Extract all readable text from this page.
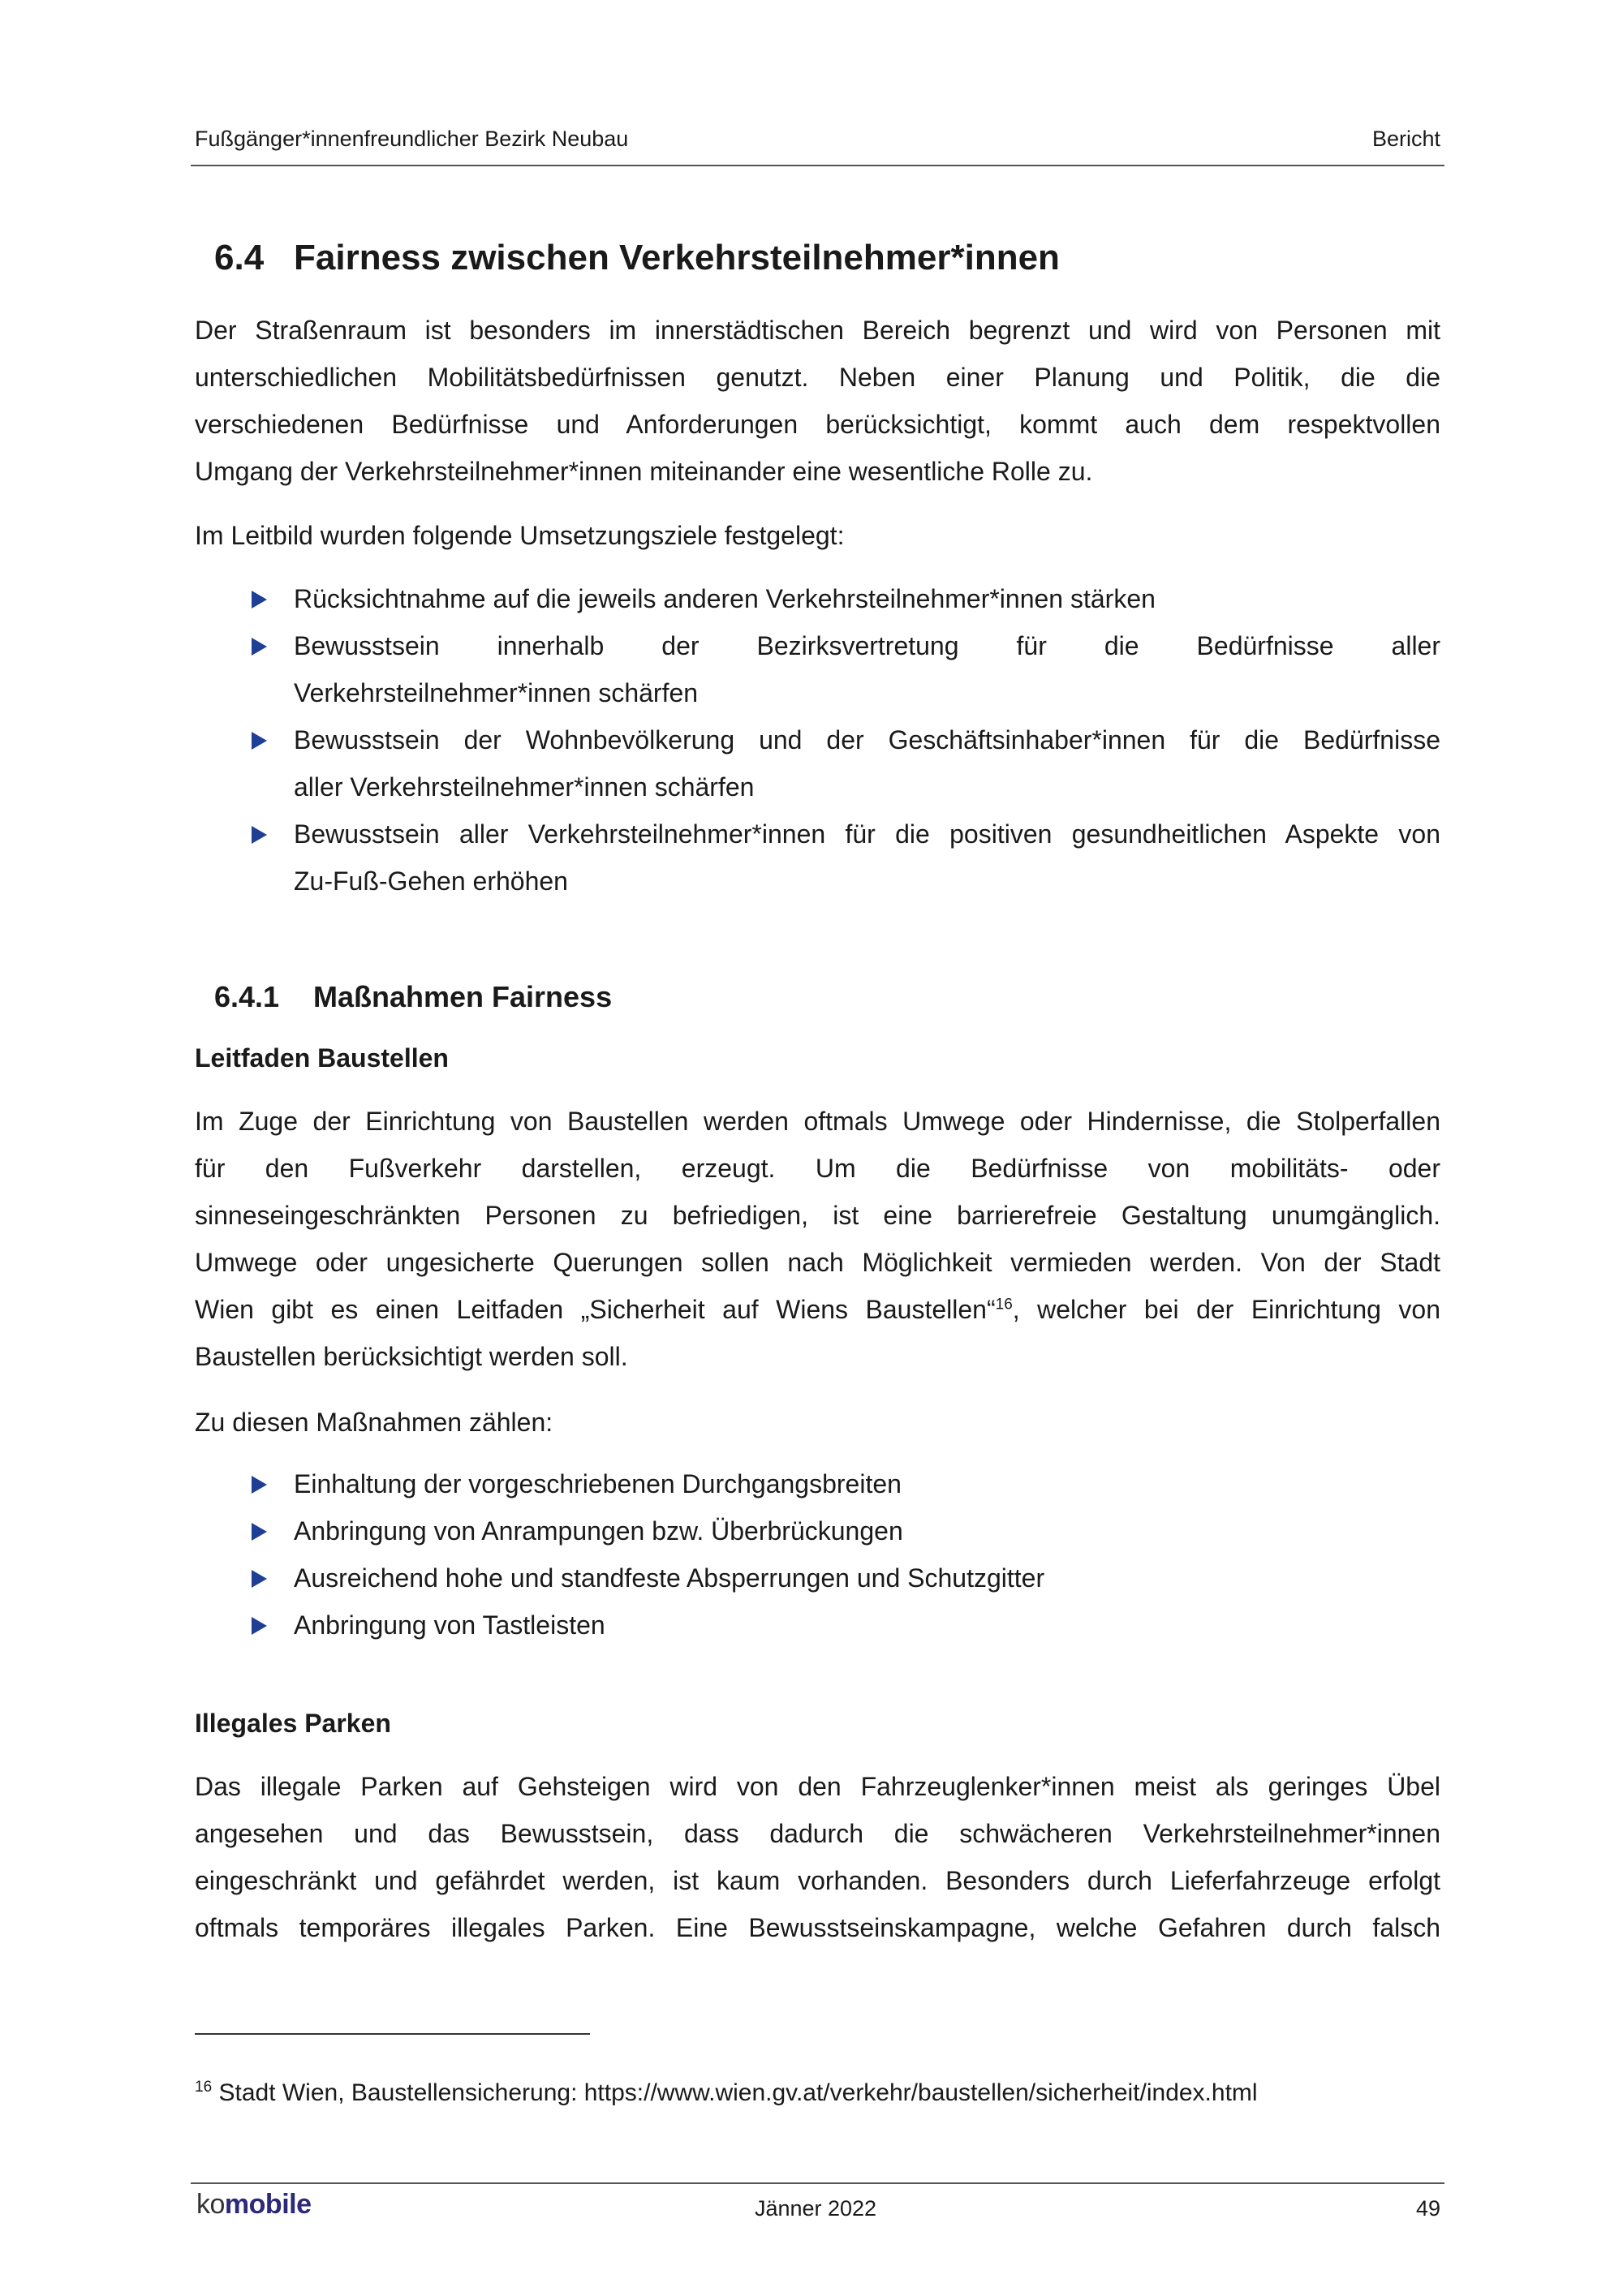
Fußgänger*innenfreundlicher Bezirk Neubau	Bericht
6.4 Fairness zwischen Verkehrsteilnehmer*innen
Der Straßenraum ist besonders im innerstädtischen Bereich begrenzt und wird von Personen mit
unterschiedlichen Mobilitätsbedürfnissen genutzt. Neben einer Planung und Politik, die die
verschiedenen Bedürfnisse und Anforderungen berücksichtigt, kommt auch dem respektvollen
Umgang der Verkehrsteilnehmer*innen miteinander eine wesentliche Rolle zu.
Im Leitbild wurden folgende Umsetzungsziele festgelegt:
Rücksichtnahme auf die jeweils anderen Verkehrsteilnehmer*innen stärken
Bewusstsein innerhalb der Bezirksvertretung für die Bedürfnisse aller
Verkehrsteilnehmer*innen schärfen
Bewusstsein der Wohnbevölkerung und der Geschäftsinhaber*innen für die Bedürfnisse
aller Verkehrsteilnehmer*innen schärfen
Bewusstsein aller Verkehrsteilnehmer*innen für die positiven gesundheitlichen Aspekte von
Zu-Fuß-Gehen erhöhen
6.4.1 Maßnahmen Fairness
Leitfaden Baustellen
Im Zuge der Einrichtung von Baustellen werden oftmals Umwege oder Hindernisse, die Stolperfallen
für den Fußverkehr darstellen, erzeugt. Um die Bedürfnisse von mobilitäts- oder
sinneseingeschränkten Personen zu befriedigen, ist eine barrierefreie Gestaltung unumgänglich.
Umwege oder ungesicherte Querungen sollen nach Möglichkeit vermieden werden. Von der Stadt
Wien gibt es einen Leitfaden „Sicherheit auf Wiens Baustellen“$^{16}$, welcher bei der Einrichtung von
Baustellen berücksichtigt werden soll.
Zu diesen Maßnahmen zählen:
Einhaltung der vorgeschriebenen Durchgangsbreiten
Anbringung von Anrampungen bzw. Überbrückungen
Ausreichend hohe und standfeste Absperrungen und Schutzgitter
Anbringung von Tastleisten
Illegales Parken
Das illegale Parken auf Gehsteigen wird von den Fahrzeuglenker*innen meist als geringes Übel
angesehen und das Bewusstsein, dass dadurch die schwächeren Verkehrsteilnehmer*innen
eingeschränkt und gefährdet werden, ist kaum vorhanden. Besonders durch Lieferfahrzeuge erfolgt
oftmals temporäres illegales Parken. Eine Bewusstseinskampagne, welche Gefahren durch falsch
$^{16}$ Stadt Wien, Baustellensicherung: https://www.wien.gv.at/verkehr/baustellen/sicherheit/index.html
komobile	Jänner 2022	49
